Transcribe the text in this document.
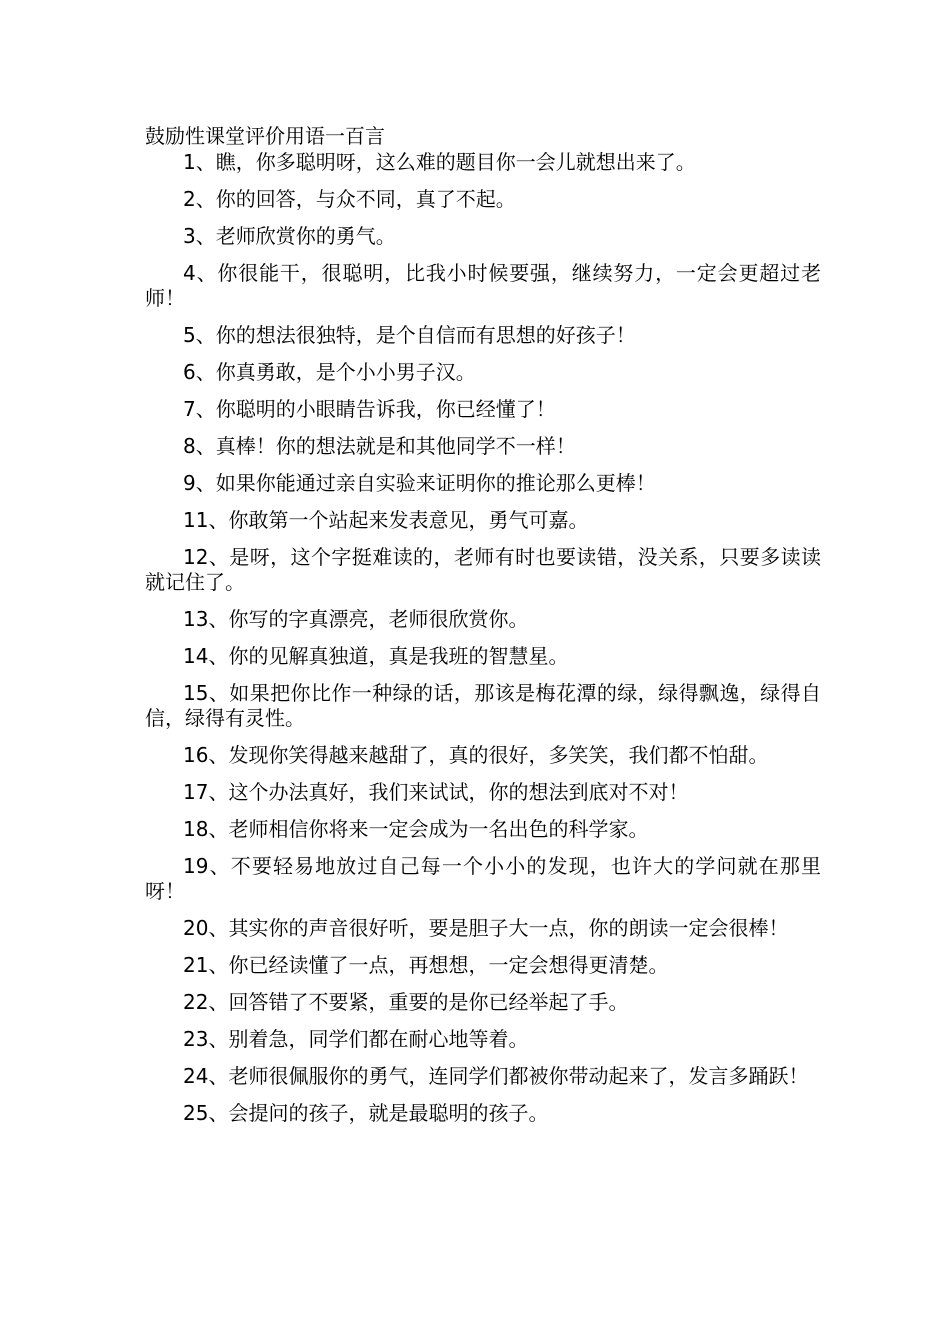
鼓励性课堂评价用语一百言

1、瞧，你多聪明呀，这么难的题目你一会儿就想出来了。

2、你的回答，与众不同，真了不起。

3、老师欣赏你的勇气。

4、你很能干，很聪明，比我小时候要强，继续努力，一定会更超过老师！

5、你的想法很独特，是个自信而有思想的好孩子！

6、你真勇敢，是个小小男子汉。

7、你聪明的小眼睛告诉我，你已经懂了！

8、真棒！你的想法就是和其他同学不一样！

9、如果你能通过亲自实验来证明你的推论那么更棒！

11、你敢第一个站起来发表意见，勇气可嘉。

12、是呀，这个字挺难读的，老师有时也要读错，没关系，只要多读读就记住了。

13、你写的字真漂亮，老师很欣赏你。

14、你的见解真独道，真是我班的智慧星。

15、如果把你比作一种绿的话，那该是梅花潭的绿，绿得飘逸，绿得自信，绿得有灵性。

16、发现你笑得越来越甜了，真的很好，多笑笑，我们都不怕甜。

17、这个办法真好，我们来试试，你的想法到底对不对！

18、老师相信你将来一定会成为一名出色的科学家。

19、不要轻易地放过自己每一个小小的发现，也许大的学问就在那里呀！

20、其实你的声音很好听，要是胆子大一点，你的朗读一定会很棒！

21、你已经读懂了一点，再想想，一定会想得更清楚。

22、回答错了不要紧，重要的是你已经举起了手。

23、别着急，同学们都在耐心地等着。

24、老师很佩服你的勇气，连同学们都被你带动起来了，发言多踊跃！

25、会提问的孩子，就是最聪明的孩子。
